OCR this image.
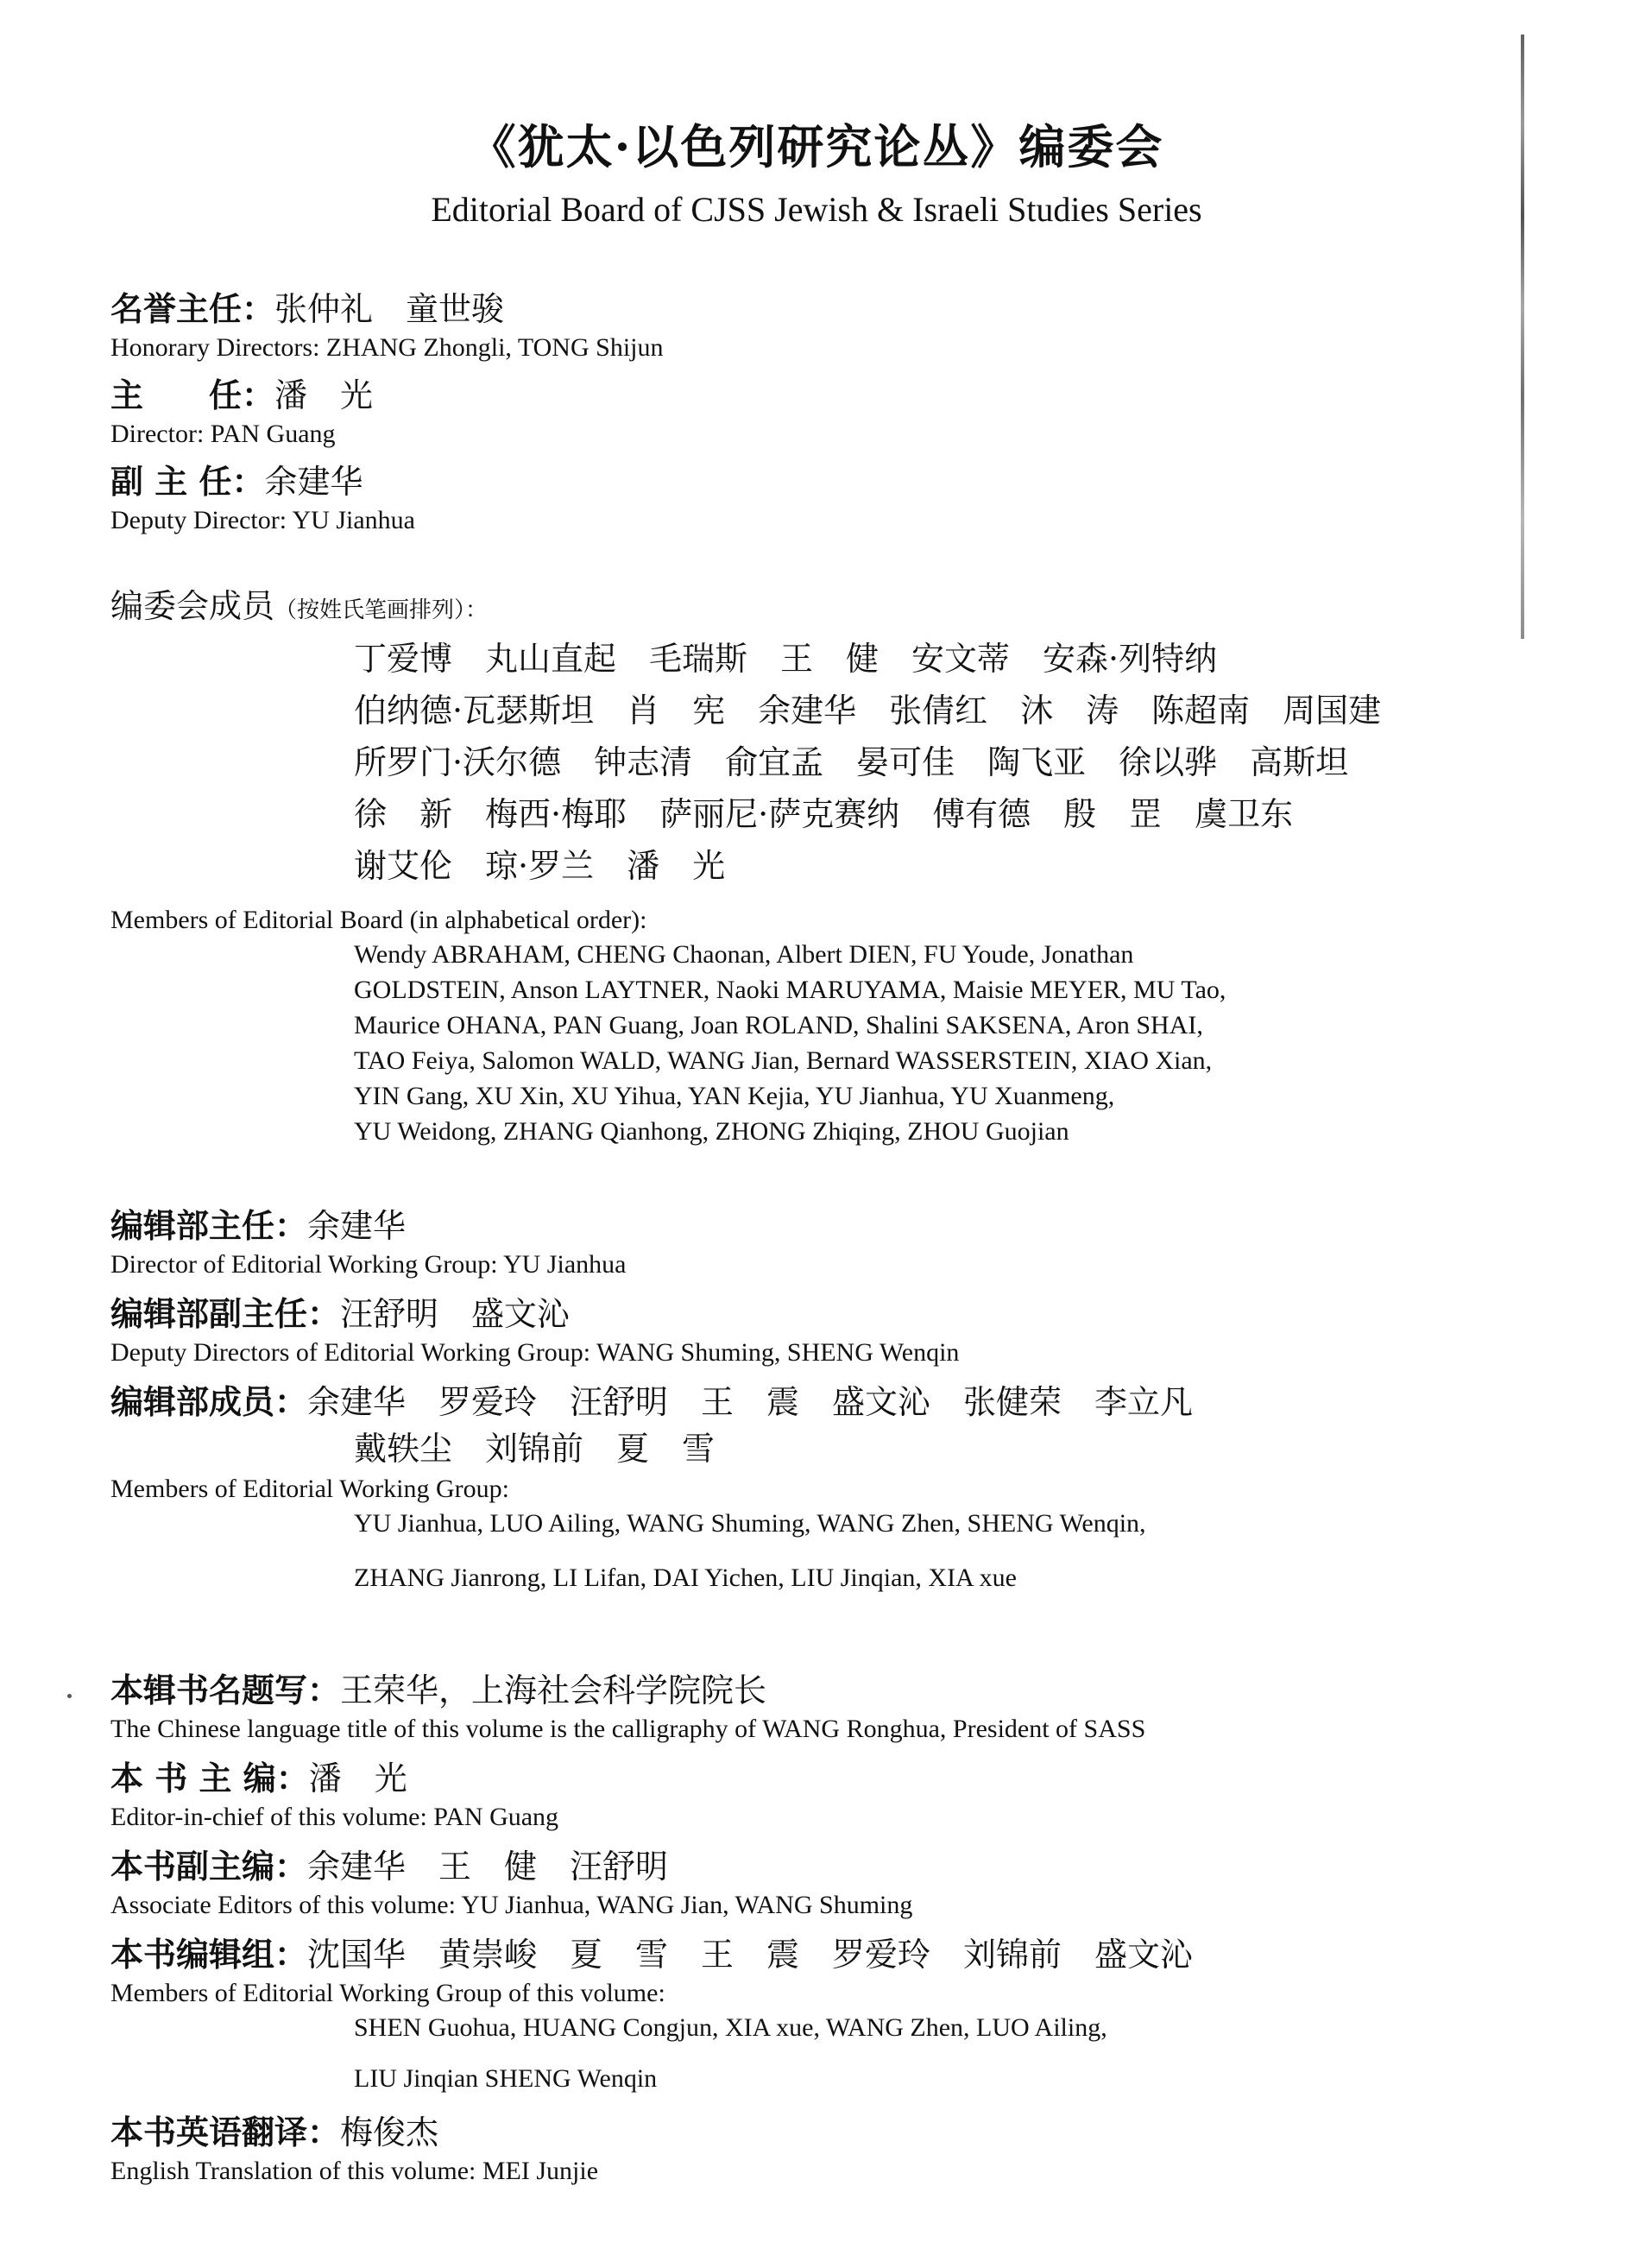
《犹太·以色列研究论丛》编委会
Editorial Board of CJSS Jewish & Israeli Studies Series
名誉主任：张仲礼　童世骏
Honorary Directors: ZHANG Zhongli, TONG Shijun
主　　任：潘　光
Director: PAN Guang
副 主 任：余建华
Deputy Director: YU Jianhua
编委会成员（按姓氏笔画排列）：
丁爱博　丸山直起　毛瑞斯　王　健　安文蒂　安森·列特纳
伯纳德·瓦瑟斯坦　肖　宪　余建华　张倩红　沐　涛　陈超南　周国建
所罗门·沃尔德　钟志清　俞宜孟　晏可佳　陶飞亚　徐以骅　高斯坦
徐　新　梅西·梅耶　萨丽尼·萨克赛纳　傅有德　殷　罡　虞卫东
谢艾伦　琼·罗兰　潘　光
Members of Editorial Board (in alphabetical order):
Wendy ABRAHAM, CHENG Chaonan, Albert DIEN, FU Youde, Jonathan
GOLDSTEIN, Anson LAYTNER, Naoki MARUYAMA, Maisie MEYER, MU Tao,
Maurice OHANA, PAN Guang, Joan ROLAND, Shalini SAKSENA, Aron SHAI,
TAO Feiya, Salomon WALD, WANG Jian, Bernard WASSERSTEIN, XIAO Xian,
YIN Gang, XU Xin, XU Yihua, YAN Kejia, YU Jianhua, YU Xuanmeng,
YU Weidong, ZHANG Qianhong, ZHONG Zhiqing, ZHOU Guojian
编辑部主任：余建华
Director of Editorial Working Group: YU Jianhua
编辑部副主任：汪舒明　盛文沁
Deputy Directors of Editorial Working Group: WANG Shuming, SHENG Wenqin
编辑部成员：余建华　罗爱玲　汪舒明　王　震　盛文沁　张健荣　李立凡
戴轶尘　刘锦前　夏　雪
Members of Editorial Working Group:
YU Jianhua, LUO Ailing, WANG Shuming, WANG Zhen, SHENG Wenqin,
ZHANG Jianrong, LI Lifan, DAI Yichen, LIU Jinqian, XIA xue
本辑书名题写：王荣华，上海社会科学院院长
The Chinese language title of this volume is the calligraphy of WANG Ronghua, President of SASS
本 书 主 编：潘　光
Editor-in-chief of this volume: PAN Guang
本书副主编：余建华　王　健　汪舒明
Associate Editors of this volume: YU Jianhua, WANG Jian, WANG Shuming
本书编辑组：沈国华　黄崇峻　夏　雪　王　震　罗爱玲　刘锦前　盛文沁
Members of Editorial Working Group of this volume:
SHEN Guohua, HUANG Congjun, XIA xue, WANG Zhen, LUO Ailing,
LIU Jinqian SHENG Wenqin
本书英语翻译：梅俊杰
English Translation of this volume: MEI Junjie
